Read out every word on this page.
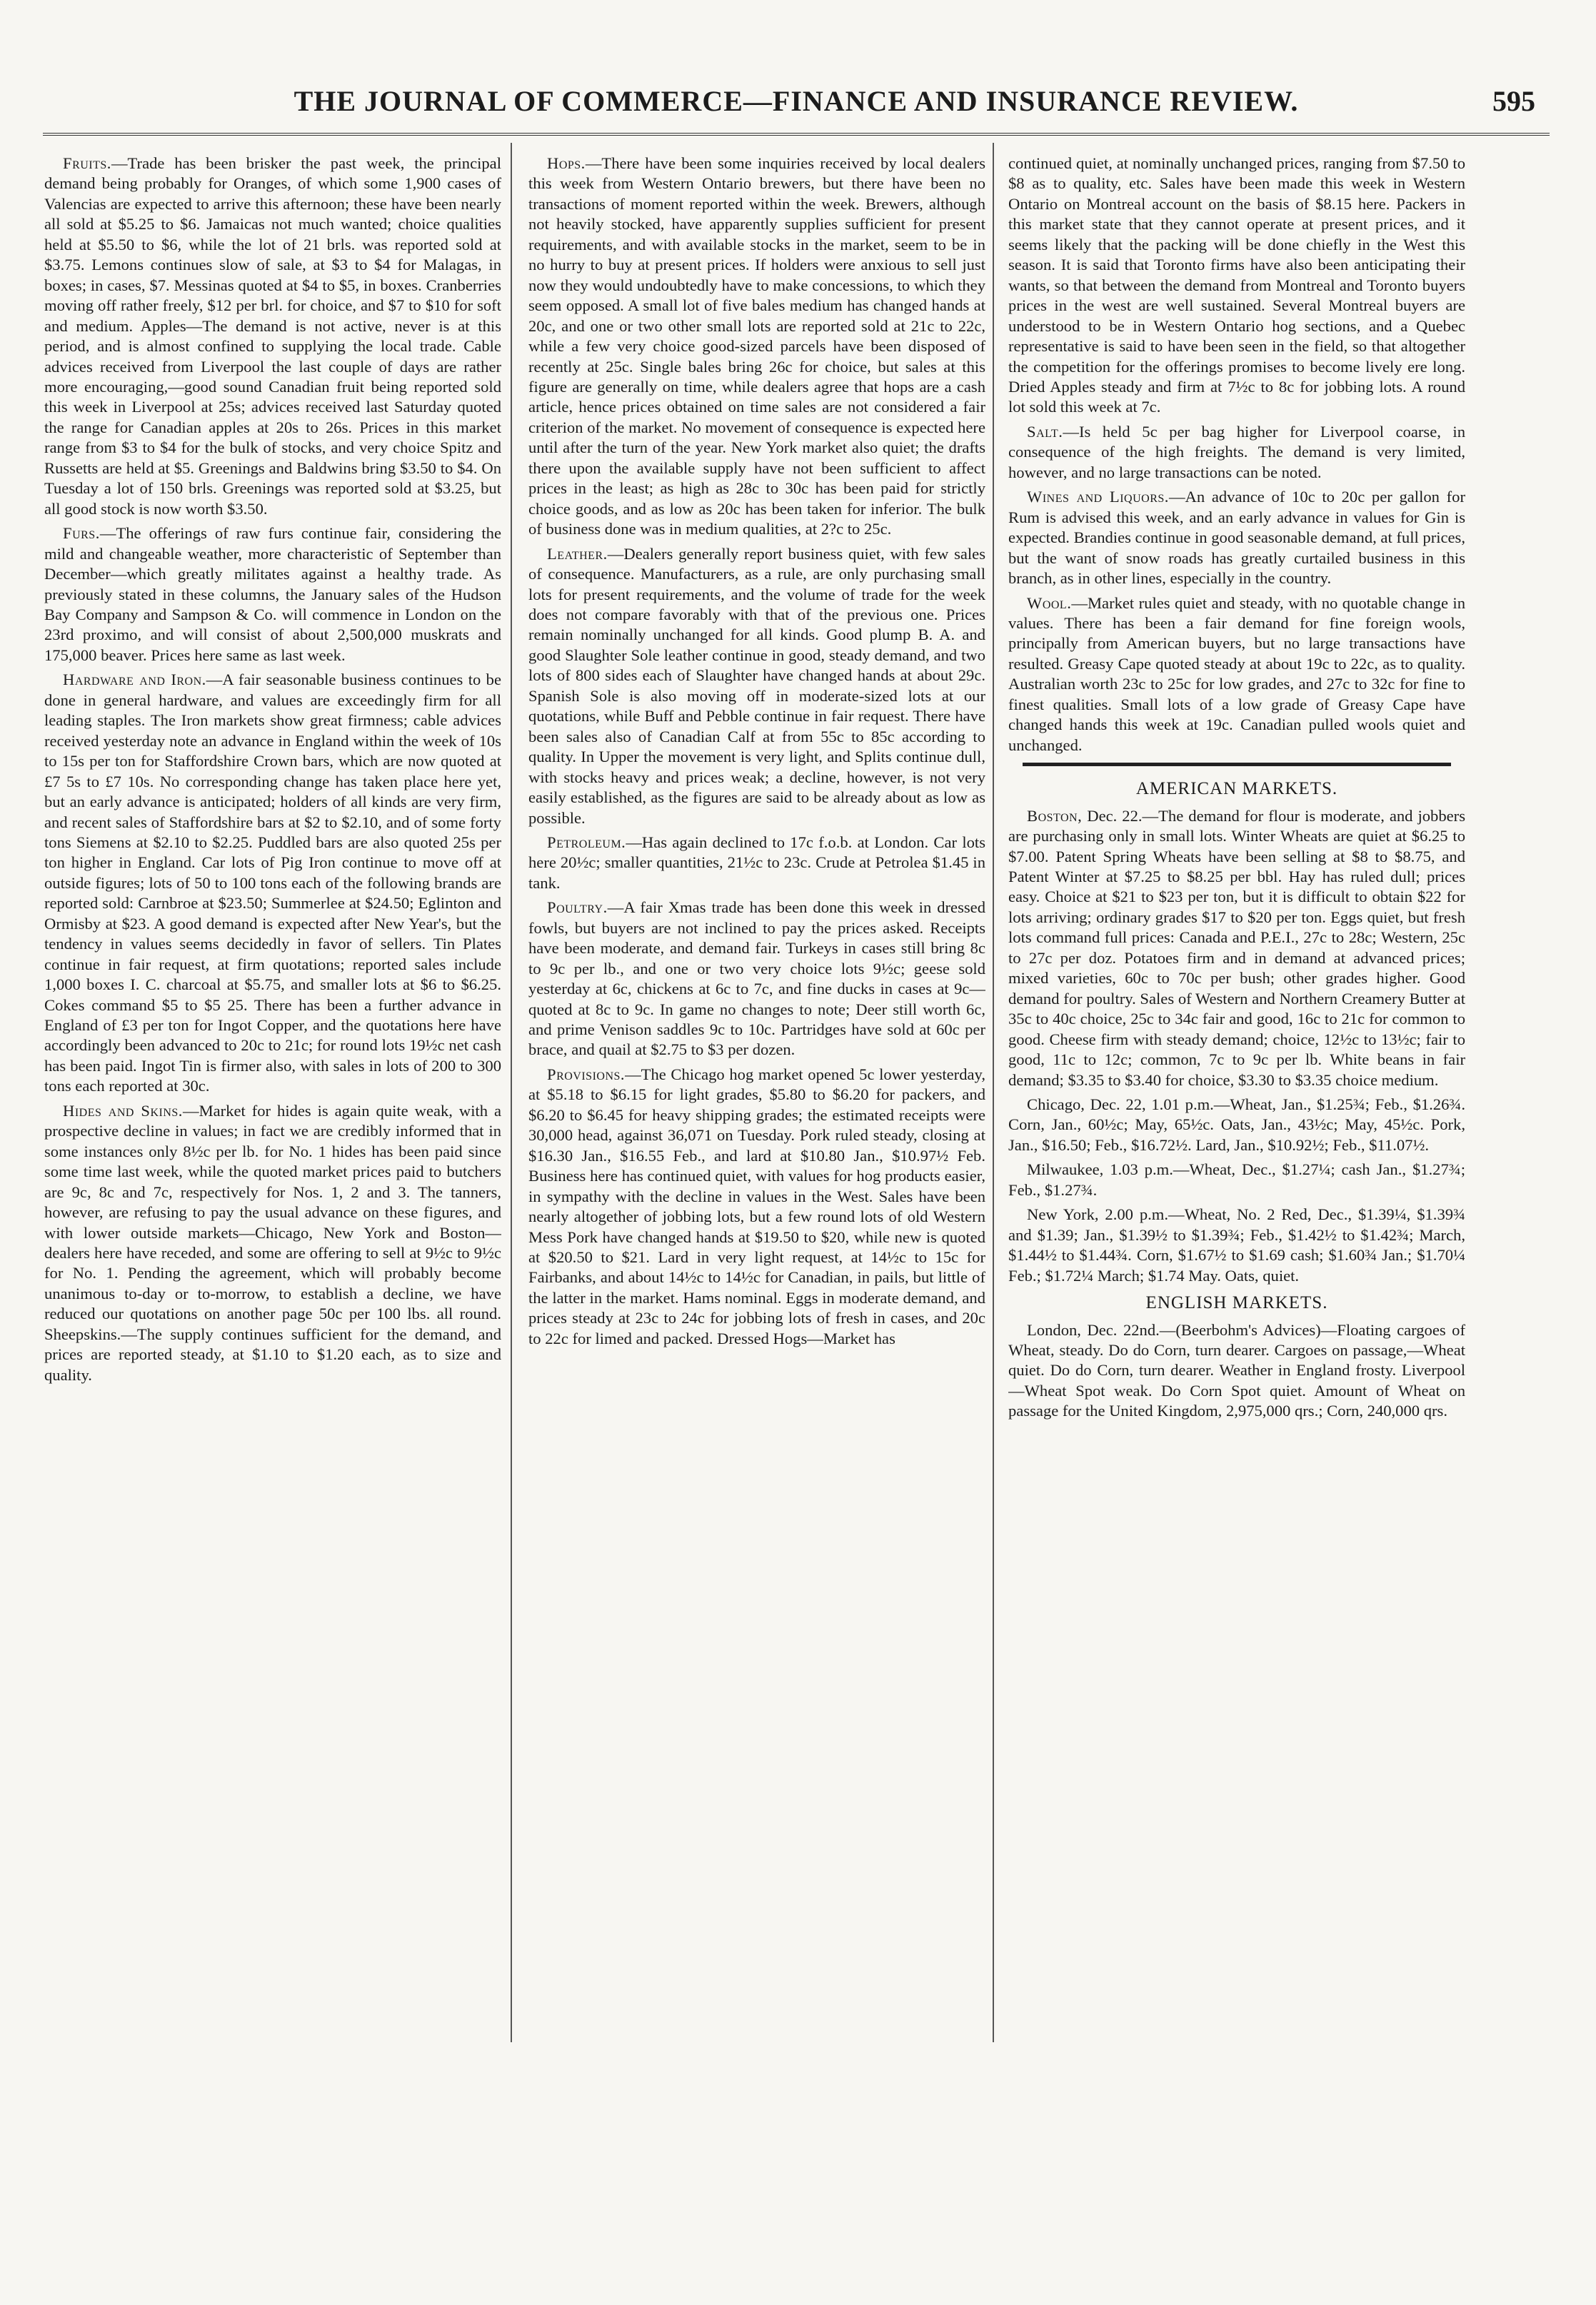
THE JOURNAL OF COMMERCE—FINANCE AND INSURANCE REVIEW.	595

Fruits.—Trade has been brisker the past week, the principal demand being probably for Oranges, of which some 1,900 cases of Valencias are expected to arrive this afternoon; these have been nearly all sold at $5.25 to $6. Jamaicas not much wanted; choice qualities held at $5.50 to $6, while the lot of 21 brls. was reported sold at $3.75. Lemons continues slow of sale, at $3 to $4 for Malagas, in boxes; in cases, $7. Messinas quoted at $4 to $5, in boxes. Cranberries moving off rather freely, $12 per brl. for choice, and $7 to $10 for soft and medium. Apples—The demand is not active, never is at this period, and is almost confined to supplying the local trade. Cable advices received from Liverpool the last couple of days are rather more encouraging,—good sound Canadian fruit being reported sold this week in Liverpool at 25s; advices received last Saturday quoted the range for Canadian apples at 20s to 26s. Prices in this market range from $3 to $4 for the bulk of stocks, and very choice Spitz and Russetts are held at $5. Greenings and Baldwins bring $3.50 to $4. On Tuesday a lot of 150 brls. Greenings was reported sold at $3.25, but all good stock is now worth $3.50.

Furs.—The offerings of raw furs continue fair, considering the mild and changeable weather, more characteristic of September than December—which greatly militates against a healthy trade. As previously stated in these columns, the January sales of the Hudson Bay Company and Sampson & Co. will commence in London on the 23rd proximo, and will consist of about 2,500,000 muskrats and 175,000 beaver. Prices here same as last week.

Hardware and Iron.—A fair seasonable business continues to be done in general hardware, and values are exceedingly firm for all leading staples. The Iron markets show great firmness; cable advices received yesterday note an advance in England within the week of 10s to 15s per ton for Staffordshire Crown bars, which are now quoted at £7 5s to £7 10s. No corresponding change has taken place here yet, but an early advance is anticipated; holders of all kinds are very firm, and recent sales of Staffordshire bars at $2 to $2.10, and of some forty tons Siemens at $2.10 to $2.25. Puddled bars are also quoted 25s per ton higher in England. Car lots of Pig Iron continue to move off at outside figures; lots of 50 to 100 tons each of the following brands are reported sold: Carnbroe at $23.50; Summerlee at $24.50; Eglinton and Ormisby at $23. A good demand is expected after New Year's, but the tendency in values seems decidedly in favor of sellers. Tin Plates continue in fair request, at firm quotations; reported sales include 1,000 boxes I. C. charcoal at $5.75, and smaller lots at $6 to $6.25. Cokes command $5 to $5 25. There has been a further advance in England of £3 per ton for Ingot Copper, and the quotations here have accordingly been advanced to 20c to 21c; for round lots 19½c net cash has been paid. Ingot Tin is firmer also, with sales in lots of 200 to 300 tons each reported at 30c.

Hides and Skins.—Market for hides is again quite weak, with a prospective decline in values; in fact we are credibly informed that in some instances only 8½c per lb. for No. 1 hides has been paid since some time last week, while the quoted market prices paid to butchers are 9c, 8c and 7c, respectively for Nos. 1, 2 and 3. The tanners, however, are refusing to pay the usual advance on these figures, and with lower outside markets—Chicago, New York and Boston—dealers here have receded, and some are offering to sell at 9½c to 9½c for No. 1. Pending the agreement, which will probably become unanimous to-day or to-morrow, to establish a decline, we have reduced our quotations on another page 50c per 100 lbs. all round. Sheepskins.—The supply continues sufficient for the demand, and prices are reported steady, at $1.10 to $1.20 each, as to size and quality.

Hops.—There have been some inquiries received by local dealers this week from Western Ontario brewers, but there have been no transactions of moment reported within the week. Brewers, although not heavily stocked, have apparently supplies sufficient for present requirements, and with available stocks in the market, seem to be in no hurry to buy at present prices. If holders were anxious to sell just now they would undoubtedly have to make concessions, to which they seem opposed. A small lot of five bales medium has changed hands at 20c, and one or two other small lots are reported sold at 21c to 22c, while a few very choice good-sized parcels have been disposed of recently at 25c. Single bales bring 26c for choice, but sales at this figure are generally on time, while dealers agree that hops are a cash article, hence prices obtained on time sales are not considered a fair criterion of the market. No movement of consequence is expected here until after the turn of the year. New York market also quiet; the drafts there upon the available supply have not been sufficient to affect prices in the least; as high as 28c to 30c has been paid for strictly choice goods, and as low as 20c has been taken for inferior. The bulk of business done was in medium qualities, at 2?c to 25c.

Leather.—Dealers generally report business quiet, with few sales of consequence. Manufacturers, as a rule, are only purchasing small lots for present requirements, and the volume of trade for the week does not compare favorably with that of the previous one. Prices remain nominally unchanged for all kinds. Good plump B. A. and good Slaughter Sole leather continue in good, steady demand, and two lots of 800 sides each of Slaughter have changed hands at about 29c. Spanish Sole is also moving off in moderate-sized lots at our quotations, while Buff and Pebble continue in fair request. There have been sales also of Canadian Calf at from 55c to 85c according to quality. In Upper the movement is very light, and Splits continue dull, with stocks heavy and prices weak; a decline, however, is not very easily established, as the figures are said to be already about as low as possible.

Petroleum.—Has again declined to 17c f.o.b. at London. Car lots here 20½c; smaller quantities, 21½c to 23c. Crude at Petrolea $1.45 in tank.

Poultry.—A fair Xmas trade has been done this week in dressed fowls, but buyers are not inclined to pay the prices asked. Receipts have been moderate, and demand fair. Turkeys in cases still bring 8c to 9c per lb., and one or two very choice lots 9½c; geese sold yesterday at 6c, chickens at 6c to 7c, and fine ducks in cases at 9c—quoted at 8c to 9c. In game no changes to note; Deer still worth 6c, and prime Venison saddles 9c to 10c. Partridges have sold at 60c per brace, and quail at $2.75 to $3 per dozen.

Provisions.—The Chicago hog market opened 5c lower yesterday, at $5.18 to $6.15 for light grades, $5.80 to $6.20 for packers, and $6.20 to $6.45 for heavy shipping grades; the estimated receipts were 30,000 head, against 36,071 on Tuesday. Pork ruled steady, closing at $16.30 Jan., $16.55 Feb., and lard at $10.80 Jan., $10.97½ Feb. Business here has continued quiet, with values for hog products easier, in sympathy with the decline in values in the West. Sales have been nearly altogether of jobbing lots, but a few round lots of old Western Mess Pork have changed hands at $19.50 to $20, while new is quoted at $20.50 to $21. Lard in very light request, at 14½c to 15c for Fairbanks, and about 14½c to 14½c for Canadian, in pails, but little of the latter in the market. Hams nominal. Eggs in moderate demand, and prices steady at 23c to 24c for jobbing lots of fresh in cases, and 20c to 22c for limed and packed. Dressed Hogs—Market has

continued quiet, at nominally unchanged prices, ranging from $7.50 to $8 as to quality, etc. Sales have been made this week in Western Ontario on Montreal account on the basis of $8.15 here. Packers in this market state that they cannot operate at present prices, and it seems likely that the packing will be done chiefly in the West this season. It is said that Toronto firms have also been anticipating their wants, so that between the demand from Montreal and Toronto buyers prices in the west are well sustained. Several Montreal buyers are understood to be in Western Ontario hog sections, and a Quebec representative is said to have been seen in the field, so that altogether the competition for the offerings promises to become lively ere long. Dried Apples steady and firm at 7½c to 8c for jobbing lots. A round lot sold this week at 7c.

Salt.—Is held 5c per bag higher for Liverpool coarse, in consequence of the high freights. The demand is very limited, however, and no large transactions can be noted.

Wines and Liquors.—An advance of 10c to 20c per gallon for Rum is advised this week, and an early advance in values for Gin is expected. Brandies continue in good seasonable demand, at full prices, but the want of snow roads has greatly curtailed business in this branch, as in other lines, especially in the country.

Wool.—Market rules quiet and steady, with no quotable change in values. There has been a fair demand for fine foreign wools, principally from American buyers, but no large transactions have resulted. Greasy Cape quoted steady at about 19c to 22c, as to quality. Australian worth 23c to 25c for low grades, and 27c to 32c for fine to finest qualities. Small lots of a low grade of Greasy Cape have changed hands this week at 19c. Canadian pulled wools quiet and unchanged.

AMERICAN MARKETS.

Boston, Dec. 22.—The demand for flour is moderate, and jobbers are purchasing only in small lots. Winter Wheats are quiet at $6.25 to $7.00. Patent Spring Wheats have been selling at $8 to $8.75, and Patent Winter at $7.25 to $8.25 per bbl. Hay has ruled dull; prices easy. Choice at $21 to $23 per ton, but it is difficult to obtain $22 for lots arriving; ordinary grades $17 to $20 per ton. Eggs quiet, but fresh lots command full prices: Canada and P.E.I., 27c to 28c; Western, 25c to 27c per doz. Potatoes firm and in demand at advanced prices; mixed varieties, 60c to 70c per bush; other grades higher. Good demand for poultry. Sales of Western and Northern Creamery Butter at 35c to 40c choice, 25c to 34c fair and good, 16c to 21c for common to good. Cheese firm with steady demand; choice, 12½c to 13½c; fair to good, 11c to 12c; common, 7c to 9c per lb. White beans in fair demand; $3.35 to $3.40 for choice, $3.30 to $3.35 choice medium.

Chicago, Dec. 22, 1.01 p.m.—Wheat, Jan., $1.25¾; Feb., $1.26¾. Corn, Jan., 60½c; May, 65½c. Oats, Jan., 43½c; May, 45½c. Pork, Jan., $16.50; Feb., $16.72½. Lard, Jan., $10.92½; Feb., $11.07½.

Milwaukee, 1.03 p.m.—Wheat, Dec., $1.27¼; cash Jan., $1.27¾; Feb., $1.27¾.

New York, 2.00 p.m.—Wheat, No. 2 Red, Dec., $1.39¼, $1.39¾ and $1.39; Jan., $1.39½ to $1.39¾; Feb., $1.42½ to $1.42¾; March, $1.44½ to $1.44¾. Corn, $1.67½ to $1.69 cash; $1.60¾ Jan.; $1.70¼ Feb.; $1.72¼ March; $1.74 May. Oats, quiet.

ENGLISH MARKETS.

London, Dec. 22nd.—(Beerbohm's Advices)—Floating cargoes of Wheat, steady. Do do Corn, turn dearer. Cargoes on passage,—Wheat quiet. Do do Corn, turn dearer. Weather in England frosty. Liverpool—Wheat Spot weak. Do Corn Spot quiet. Amount of Wheat on passage for the United Kingdom, 2,975,000 qrs.; Corn, 240,000 qrs.
